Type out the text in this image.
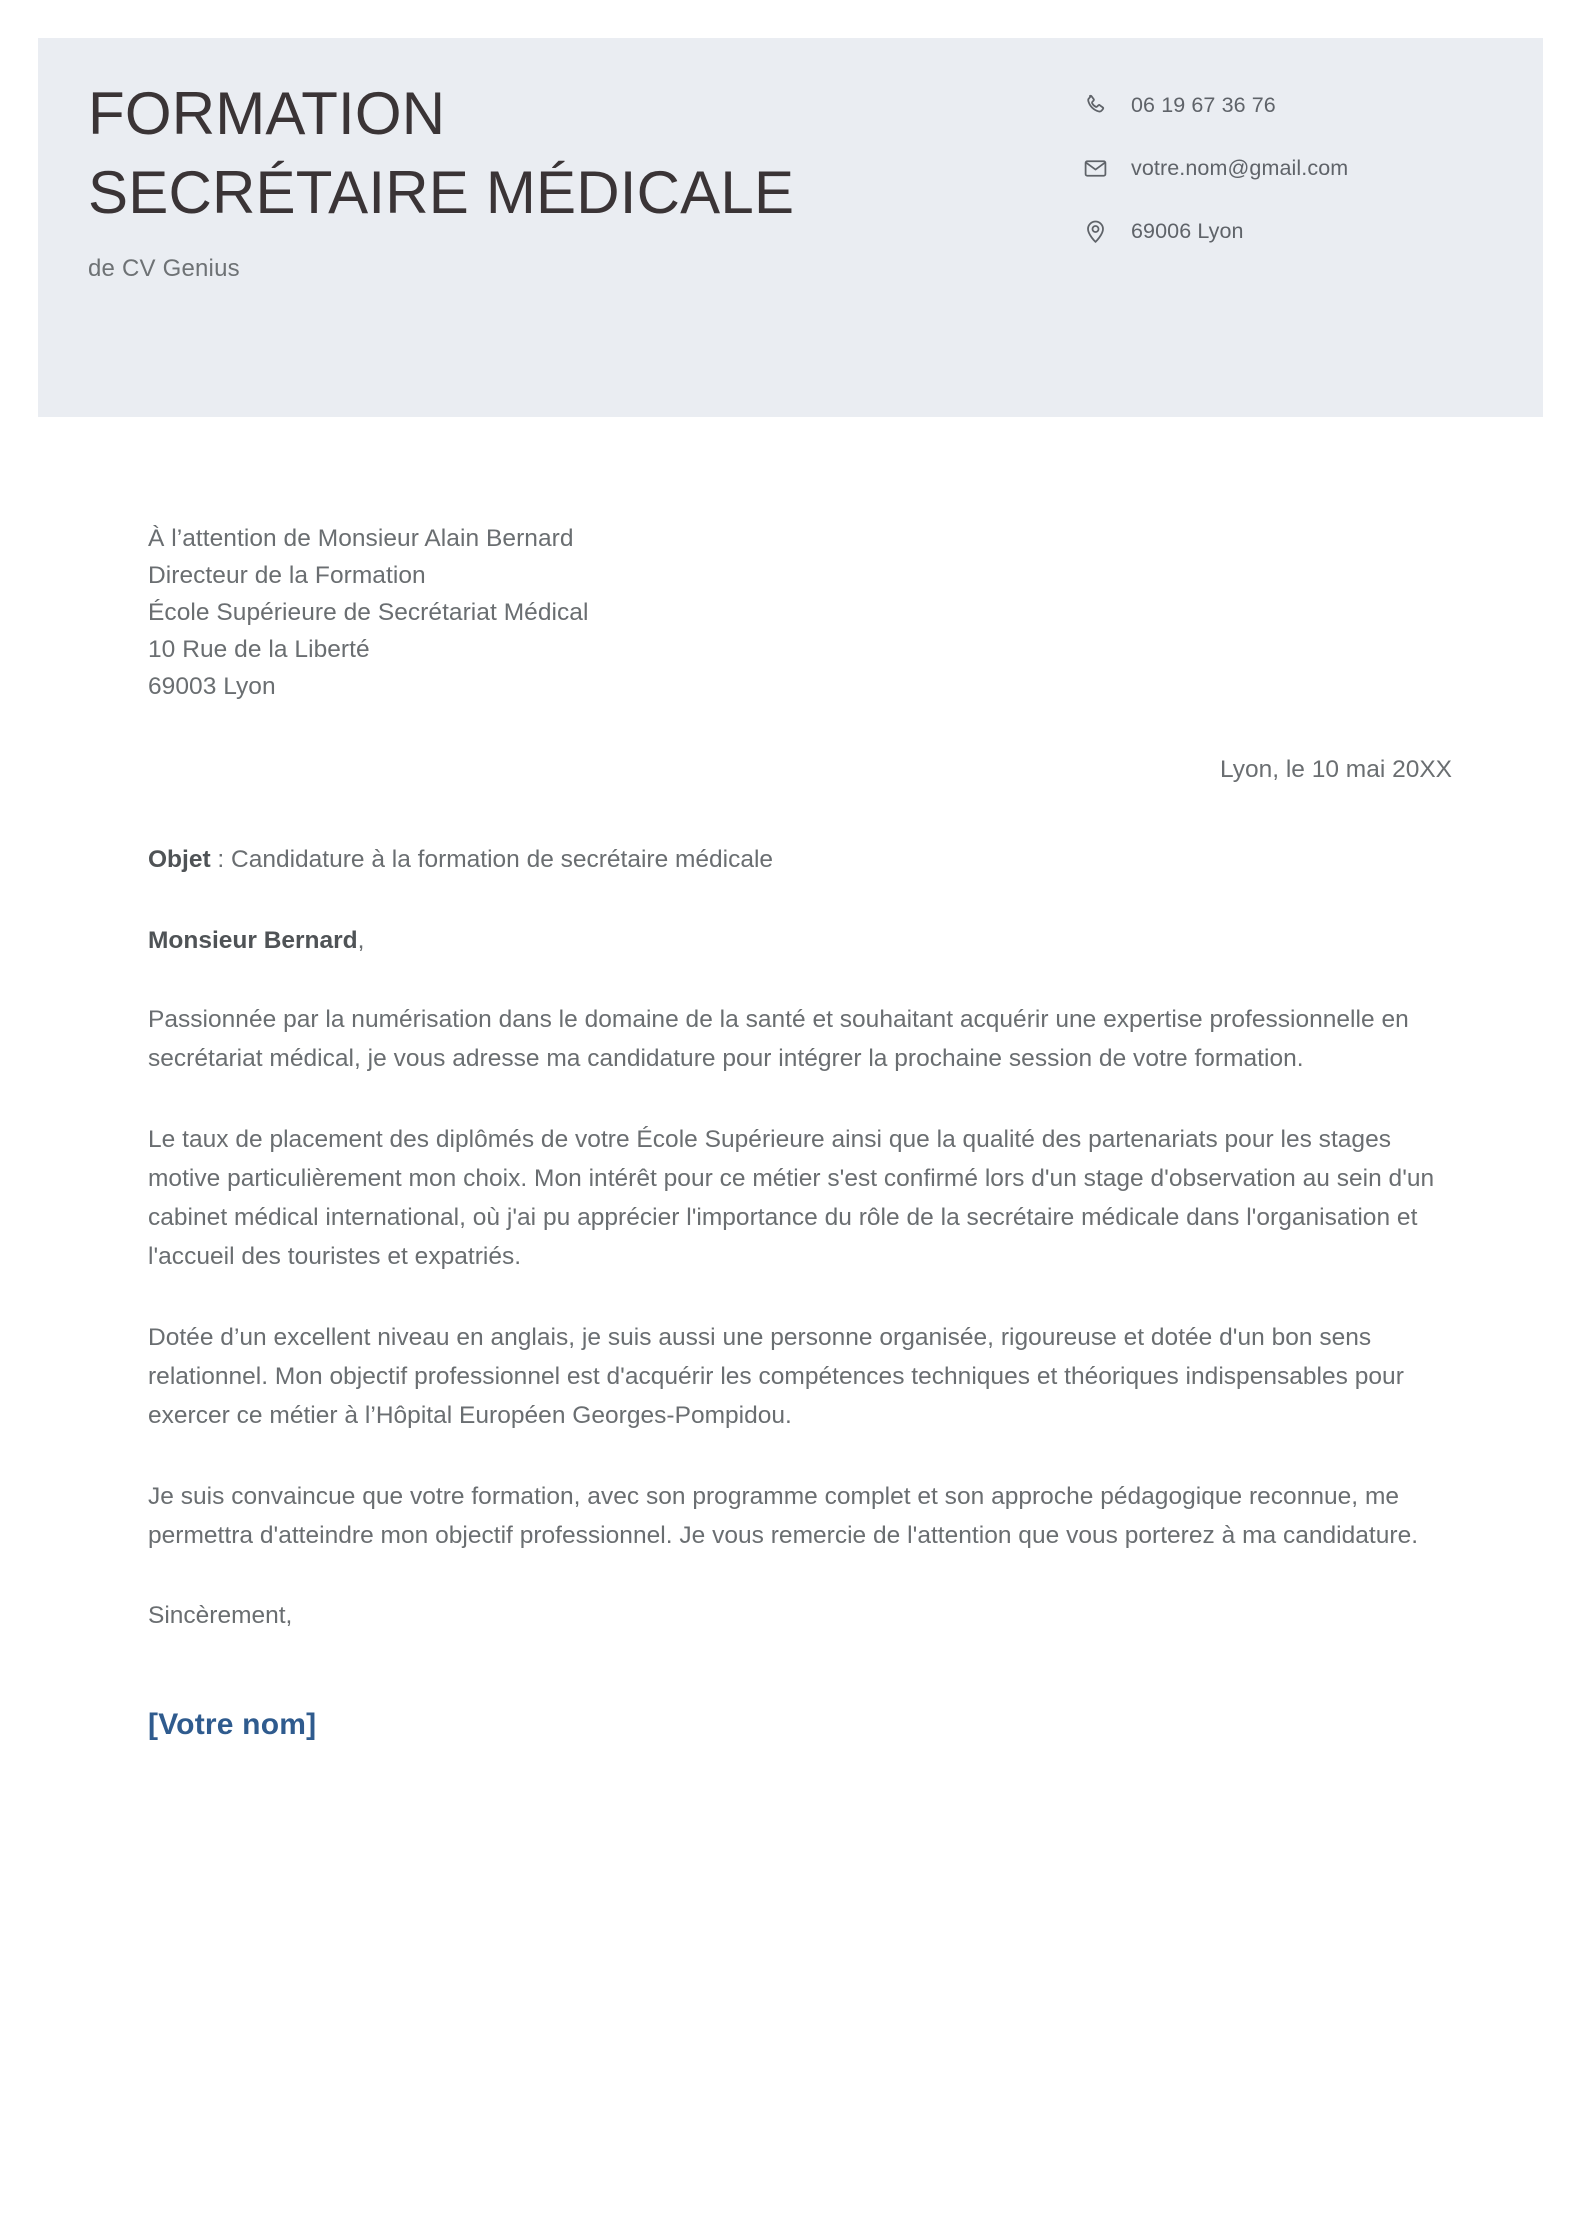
FORMATION
SECRÉTAIRE MÉDICALE

de CV Genius

06 19 67 36 76
votre.nom@gmail.com
69006 Lyon
À l’attention de Monsieur Alain Bernard
Directeur de la Formation
École Supérieure de Secrétariat Médical
10 Rue de la Liberté
69003 Lyon
Lyon, le 10 mai 20XX
Objet : Candidature à la formation de secrétaire médicale
Monsieur Bernard,

Passionnée par la numérisation dans le domaine de la santé et souhaitant acquérir une expertise professionnelle en secrétariat médical, je vous adresse ma candidature pour intégrer la prochaine session de votre formation.

Le taux de placement des diplômés de votre École Supérieure ainsi que la qualité des partenariats pour les stages motive particulièrement mon choix. Mon intérêt pour ce métier s'est confirmé lors d'un stage d'observation au sein d'un cabinet médical international, où j'ai pu apprécier l'importance du rôle de la secrétaire médicale dans l'organisation et l'accueil des touristes et expatriés.

Dotée d’un excellent niveau en anglais, je suis aussi une personne organisée, rigoureuse et dotée d'un bon sens relationnel. Mon objectif professionnel est d'acquérir les compétences techniques et théoriques indispensables pour exercer ce métier à l’Hôpital Européen Georges-Pompidou.

Je suis convaincue que votre formation, avec son programme complet et son approche pédagogique reconnue, me permettra d'atteindre mon objectif professionnel. Je vous remercie de l'attention que vous porterez à ma candidature.

Sincèrement,
[Votre nom]
